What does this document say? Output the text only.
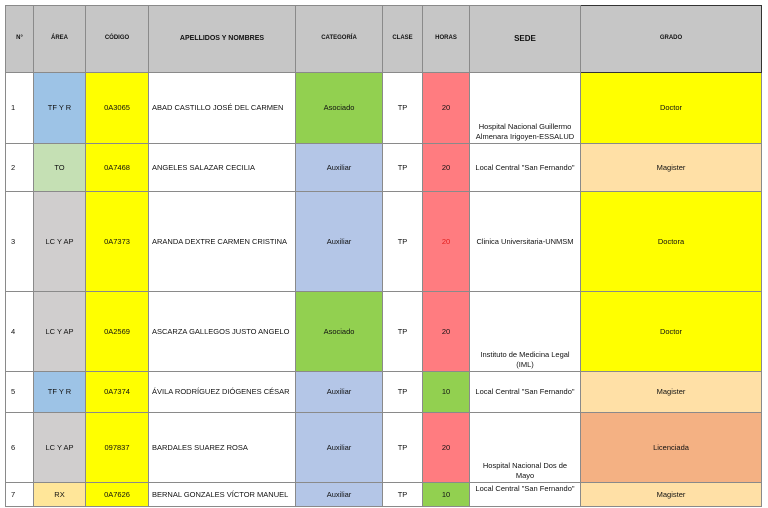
N°	ÁREA	CÓDIGO	APELLIDOS Y NOMBRES	CATEGORÍA	CLASE	HORAS	SEDE	GRADO
1	TF Y R	0A3065	ABAD CASTILLO JOSÉ DEL CARMEN	Asociado	TP	20	Hospital Nacional Guillermo Almenara Irigoyen-ESSALUD	Doctor
2	TO	0A7468	ANGELES SALAZAR CECILIA	Auxiliar	TP	20	Local Central "San Fernando"	Magister
3	LC Y AP	0A7373	ARANDA DEXTRE CARMEN CRISTINA	Auxiliar	TP	20	Clinica Universitaria-UNMSM	Doctora
4	LC Y AP	0A2569	ASCARZA GALLEGOS JUSTO ANGELO	Asociado	TP	20	Instituto de Medicina Legal (IML)	Doctor
5	TF Y R	0A7374	ÁVILA RODRÍGUEZ DIÓGENES CÉSAR	Auxiliar	TP	10	Local Central "San Fernando"	Magister
6	LC Y AP	097837	BARDALES SUAREZ ROSA	Auxiliar	TP	20	Hospital Nacional Dos de Mayo	Licenciada
7	RX	0A7626	BERNAL GONZALES VÍCTOR MANUEL	Auxiliar	TP	10	Local Central "San Fernando"	Magister
